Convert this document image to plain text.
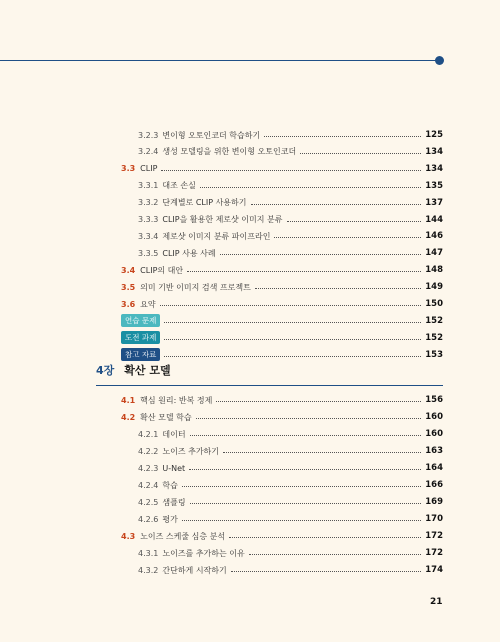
3.2.3 변이형 오토인코더 학습하기	125
3.2.4 생성 모델링을 위한 변이형 오토인코더	134
3.3 CLIP	134
3.3.1 대조 손실	135
3.3.2 단계별로 CLIP 사용하기	137
3.3.3 CLIP을 활용한 제로샷 이미지 분류	144
3.3.4 제로샷 이미지 분류 파이프라인	146
3.3.5 CLIP 사용 사례	147
3.4 CLIP의 대안	148
3.5 의미 기반 이미지 검색 프로젝트	149
3.6 요약	150
연습 문제	152
도전 과제	152
참고 자료	153
4장 확산 모델
4.1 핵심 원리: 반복 정제	156
4.2 확산 모델 학습	160
4.2.1 데이터	160
4.2.2 노이즈 추가하기	163
4.2.3 U-Net	164
4.2.4 학습	166
4.2.5 샘플링	169
4.2.6 평가	170
4.3 노이즈 스케줄 심층 분석	172
4.3.1 노이즈를 추가하는 이유	172
4.3.2 간단하게 시작하기	174
21
